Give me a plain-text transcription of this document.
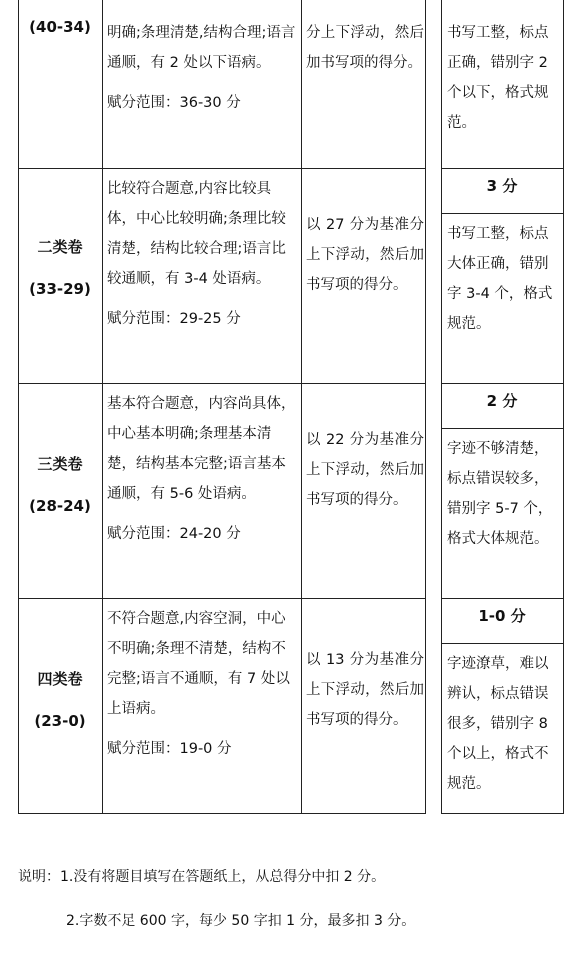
(40-34)	明确;条理清楚,结构合理;语言通顺，有 2 处以下语病。
赋分范围：36-30 分
分上下浮动，然后加书写项的得分。
书写工整，标点正确，错别字 2 个以下，格式规范。
二类卷
(33-29)
比较符合题意,内容比较具体，中心比较明确;条理比较清楚，结构比较合理;语言比较通顺，有 3-4 处语病。
赋分范围：29-25 分
以 27 分为基准分上下浮动，然后加书写项的得分。
3 分
书写工整，标点大体正确，错别字 3-4 个，格式规范。
三类卷
(28-24)
基本符合题意，内容尚具体，中心基本明确;条理基本清楚，结构基本完整;语言基本通顺，有 5-6 处语病。
赋分范围：24-20 分
以 22 分为基准分上下浮动，然后加书写项的得分。
2 分
字迹不够清楚，标点错误较多，错别字 5-7 个，格式大体规范。
四类卷
(23-0)
不符合题意,内容空洞，中心不明确;条理不清楚，结构不完整;语言不通顺，有 7 处以上语病。
赋分范围：19-0 分
以 13 分为基准分上下浮动，然后加书写项的得分。
1-0 分
字迹潦草，难以辨认，标点错误很多，错别字 8 个以上，格式不规范。
说明：1.没有将题目填写在答题纸上，从总得分中扣 2 分。
2.字数不足 600 字，每少 50 字扣 1 分，最多扣 3 分。
